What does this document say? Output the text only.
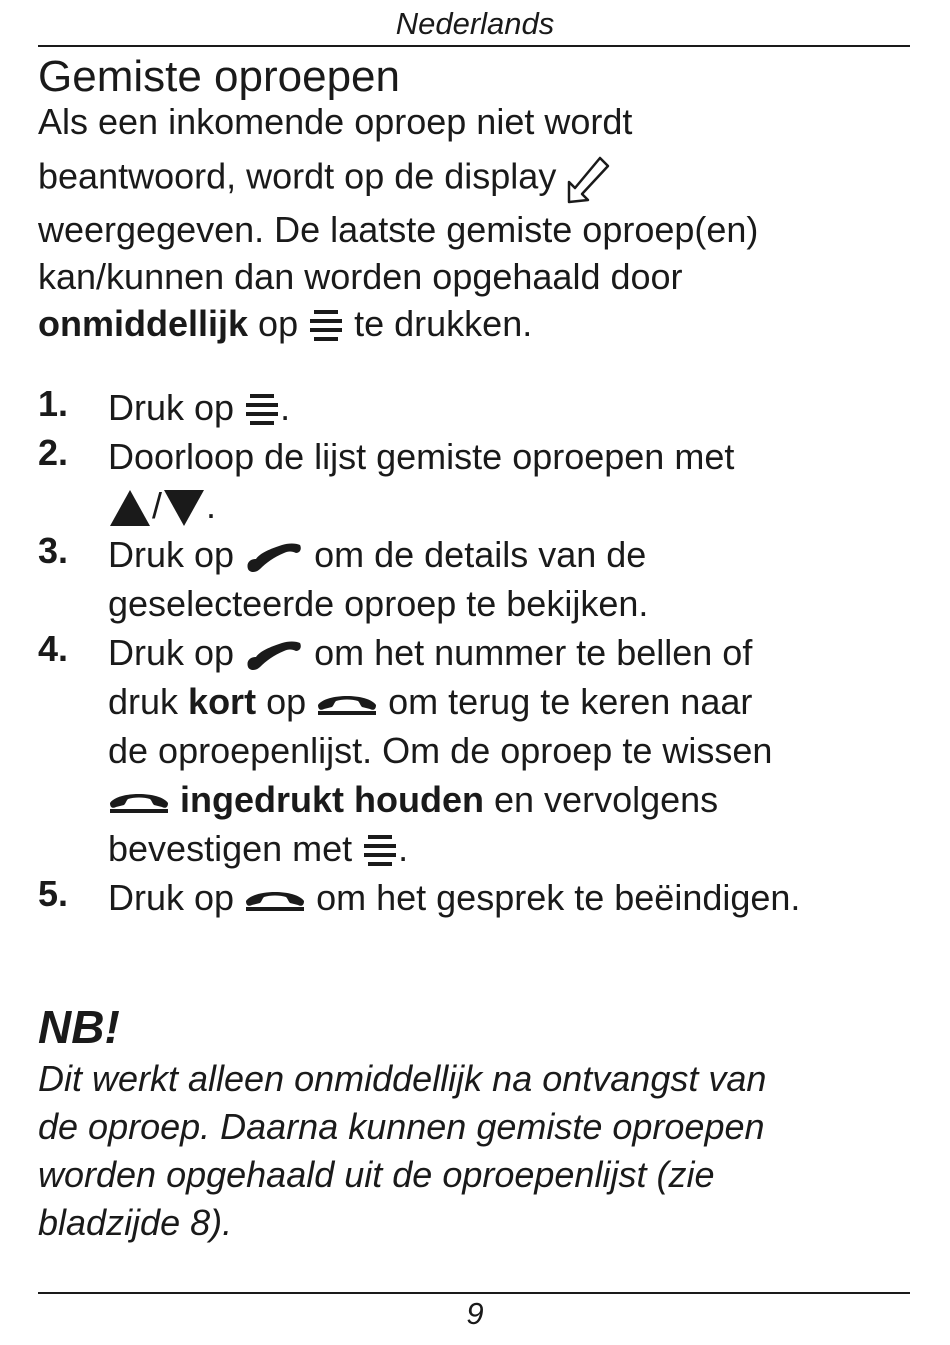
Nederlands
Gemiste oproepen
Als een inkomende oproep niet wordt
beantwoord, wordt op de display
weergegeven. De laatste gemiste oproep(en)
kan/kunnen dan worden opgehaald door
onmiddellijk op te drukken.
1. Druk op .
2. Doorloop de lijst gemiste oproepen met
/ .
3. Druk op om de details van de
geselecteerde oproep te bekijken.
4. Druk op om het nummer te bellen of
druk kort op om terug te keren naar
de oproepenlijst. Om de oproep te wissen
ingedrukt houden en vervolgens
bevestigen met .
5. Druk op om het gesprek te beëindigen.
NB!
Dit werkt alleen onmiddellijk na ontvangst van
de oproep. Daarna kunnen gemiste oproepen
worden opgehaald uit de oproepenlijst (zie
bladzijde 8).
9
